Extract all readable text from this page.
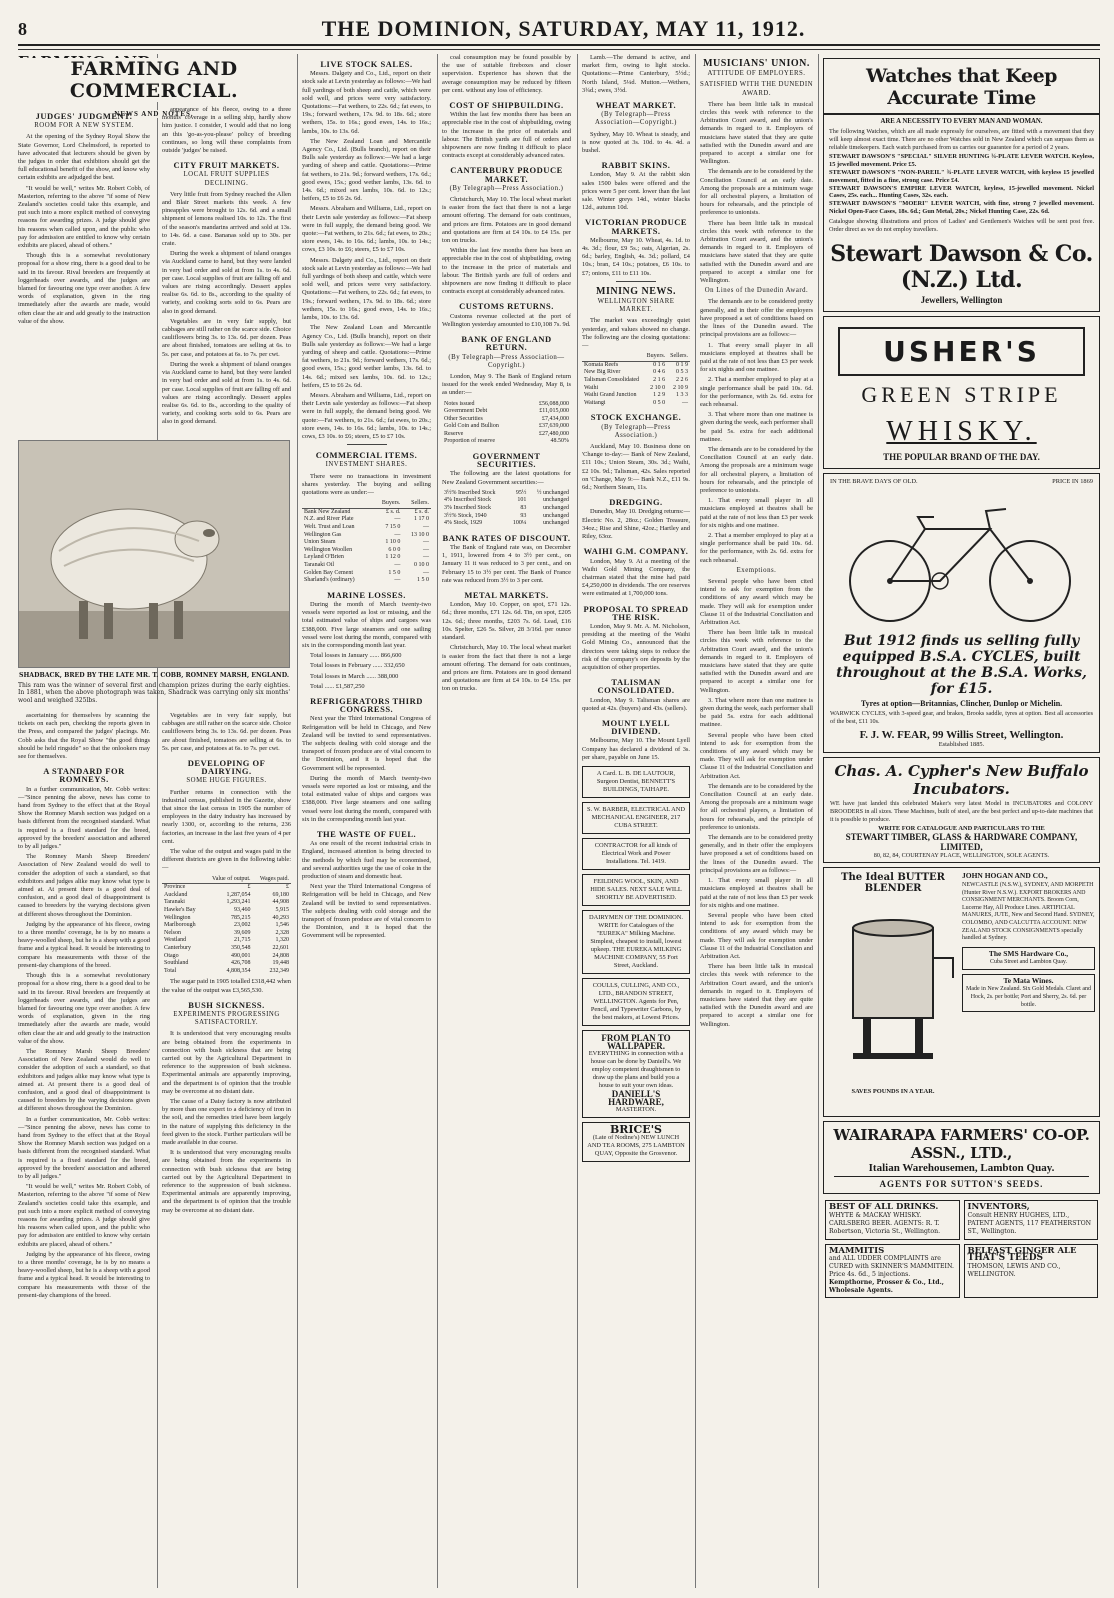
8	THE DOMINION, SATURDAY, MAY 11, 1912.
FARMING AND COMMERCIAL.
NEWS AND NOTES.
JUDGES' JUDGMENT.
ROOM FOR A NEW SYSTEM.

At the opening of the Sydney Royal Show the State Governor, Lord Chelmsford, is reported to have advocated that lecturers should be given by the judges in order that exhibitors should get the full educational benefit of the show, and know why certain exhibits are adjudged the best.

"It would be well," writes Mr. Robert Cobb, of Masterton, referring to the above "if some of New Zealand's societies could take this example, and put such into a more explicit method of conveying reasons for awarding prizes. A judge should give his reasons when called upon, and the public who pay for admission are entitled to know why certain exhibits are placed, ahead of others."

Though this is a somewhat revolutionary proposal for a show ring, there is a good deal to be said in its favour. Rival breeders are frequently at loggerheads over awards, and the judges are blamed for favouring one type over another. A few words of explanation, given in the ring immediately after the awards are made, would often clear the air and add greatly to the instruction value of the show.

SHADBACK, BRED BY THE LATE MR. T. COBB, ROMNEY MARSH, ENGLAND.
This ram was the winner of several first and champion prizes during the early eighties. In 1881, when the above photograph was taken, Shadrack was carrying only six months' wool and weighed 325lbs.

ascertaining for themselves by scanning the tickets on each pen, checking the reports given in the Press, and compared the judges' placings. Mr. Cobb asks that the Royal Show "the good things should be held ringside" so that the onlookers may see for themselves.

A STANDARD FOR ROMNEYS.

In a further communication, Mr. Cobb writes:—"Since penning the above, news has come to hand from Sydney to the effect that at the Royal Show the Romney Marsh section was judged on a basis different from the recognised standard. What is required is a fixed standard for the breed, approved by the breeders' association and adhered to by all judges."

The Romney Marsh Sheep Breeders' Association of New Zealand would do well to consider the adoption of such a standard, so that exhibitors and judges alike may know what type is aimed at. At present there is a good deal of confusion, and a good deal of disappointment is caused to breeders by the varying decisions given at different shows throughout the Dominion.

Judging by the appearance of his fleece, owing to a three months' coverage, he is by no means a heavy-woolled sheep, but he is a sheep with a good frame and a typical head. It would be interesting to compare his measurements with those of the present-day champions of the breed.

Though this is a somewhat revolutionary proposal for a show ring, there is a good deal to be said in its favour. Rival breeders are frequently at loggerheads over awards, and the judges are blamed for favouring one type over another. A few words of explanation, given in the ring immediately after the awards are made, would often clear the air and add greatly to the instruction value of the show.

The Romney Marsh Sheep Breeders' Association of New Zealand would do well to consider the adoption of such a standard, so that exhibitors and judges alike may know what type is aimed at. At present there is a good deal of confusion, and a good deal of disappointment is caused to breeders by the varying decisions given at different shows throughout the Dominion.

In a further communication, Mr. Cobb writes:—"Since penning the above, news has come to hand from Sydney to the effect that at the Royal Show the Romney Marsh section was judged on a basis different from the recognised standard. What is required is a fixed standard for the breed, approved by the breeders' association and adhered to by all judges."

"It would be well," writes Mr. Robert Cobb, of Masterton, referring to the above "if some of New Zealand's societies could take this example, and put such into a more explicit method of conveying reasons for awarding prizes. A judge should give his reasons when called upon, and the public who pay for admission are entitled to know why certain exhibits are placed, ahead of others."

Judging by the appearance of his fleece, owing to a three months' coverage, he is by no means a heavy-woolled sheep, but he is a sheep with a good frame and a typical head. It would be interesting to compare his measurements with those of the present-day champions of the breed.

appearance of his fleece, owing to a three months' coverage in a selling ship, hardly show him justice. I consider, I would add that no long an this 'go-as-you-please' policy of breeding continues, so long will these complaints from outside 'judges' be raised.

CITY FRUIT MARKETS.
LOCAL FRUIT SUPPLIES DECLINING.

Very little fruit from Sydney reached the Allen and Blair Street markets this week. A few pineapples were brought to 12s. 6d. and a small shipment of lemons realised 10s. to 12s. The first of the season's mandarins arrived and sold at 13s. to 14s. 6d. a case. Bananas sold up to 30s. per crate.

During the week a shipment of island oranges via Auckland came to hand, but they were landed in very bad order and sold at from 1s. to 4s. 6d. per case. Local supplies of fruit are falling off and values are rising accordingly. Dessert apples realise 6s. 6d. to 8s., according to the quality of variety, and cooking sorts sold to 6s. Pears are also in good demand.

Vegetables are in very fair supply, but cabbages are still rather on the scarce side. Choice cauliflowers bring 3s. to 13s. 6d. per dozen. Peas are about finished, tomatoes are selling at 6s. to 5s. per case, and potatoes at 6s. to 7s. per cwt.

During the week a shipment of island oranges via Auckland came to hand, but they were landed in very bad order and sold at from 1s. to 4s. 6d. per case. Local supplies of fruit are falling off and values are rising accordingly. Dessert apples realise 6s. 6d. to 8s., according to the quality of variety, and cooking sorts sold to 6s. Pears are also in good demand.

Vegetables are in very fair supply, but cabbages are still rather on the scarce side. Choice cauliflowers bring 3s. to 13s. 6d. per dozen. Peas are about finished, tomatoes are selling at 6s. to 5s. per case, and potatoes at 6s. to 7s. per cwt.

DEVELOPING OF DAIRYING.
SOME HUGE FIGURES.

Further returns in connection with the industrial census, published in the Gazette, show that since the last census in 1905 the number of employees in the dairy industry has increased by nearly 1300, or, according to the returns, 236 factories, an increase in the last five years of 4 per cent.

The value of the output and wages paid in the different districts are given in the following table:—

	Value of output.	Wages paid.
Province	£	£
Auckland	1,287,054	69,180
Taranaki	1,293,241	44,908
Hawke's Bay	93,460	5,915
Wellington	785,215	40,293
Marlborough	23,002	1,546
Nelson	39,609	2,328
Westland	21,715	1,320
Canterbury	350,548	22,601
Otago	490,001	24,808
Southland	426,708	19,448
Total	4,808,354	232,349

The sugar paid in 1905 totalled £318,442 when the value of the output was £3,565,530.

BUSH SICKNESS.
EXPERIMENTS PROGRESSING SATISFACTORILY.

It is understood that very encouraging results are being obtained from the experiments in connection with bush sickness that are being carried out by the Agricultural Department in reference to the suppression of bush sickness. Experimental animals are apparently improving, and the department is of opinion that the trouble may be overcome at no distant date.

The cause of a Daisy factory is now attributed by more than one expert to a deficiency of iron in the soil, and the remedies tried have been largely in the nature of supplying this deficiency in the feed given to the stock. Further particulars will be made available in due course.

It is understood that very encouraging results are being obtained from the experiments in connection with bush sickness that are being carried out by the Agricultural Department in reference to the suppression of bush sickness. Experimental animals are apparently improving, and the department is of opinion that the trouble may be overcome at no distant date.

LIVE STOCK SALES.

Messrs. Dalgety and Co., Ltd., report on their stock sale at Levin yesterday as follows:—We had full yardings of both sheep and cattle, which were sold well, and prices were very satisfactory. Quotations:—Fat wethers, to 22s. 6d.; fat ewes, to 19s.; forward wethers, 17s. 9d. to 18s. 6d.; store wethers, 15s. to 16s.; good ewes, 14s. to 16s.; lambs, 10s. to 13s. 6d.

The New Zealand Loan and Mercantile Agency Co., Ltd. (Bulls branch), report on their Bulls sale yesterday as follows:—We had a large yarding of sheep and cattle. Quotations:—Prime fat wethers, to 21s. 9d.; forward wethers, 17s. 6d.; good ewes, 15s.; good wether lambs, 13s. 6d. to 14s. 6d.; mixed sex lambs, 10s. 6d. to 12s.; heifers, £5 to £6 2s. 6d.

Messrs. Abraham and Williams, Ltd., report on their Levin sale yesterday as follows:—Fat sheep were in full supply, the demand being good. We quote:—Fat wethers, to 21s. 6d.; fat ewes, to 20s.; store ewes, 14s. to 16s. 6d.; lambs, 10s. to 14s.; cows, £3 10s. to £6; steers, £5 to £7 10s.

Messrs. Dalgety and Co., Ltd., report on their stock sale at Levin yesterday as follows:—We had full yardings of both sheep and cattle, which were sold well, and prices were very satisfactory. Quotations:—Fat wethers, to 22s. 6d.; fat ewes, to 19s.; forward wethers, 17s. 9d. to 18s. 6d.; store wethers, 15s. to 16s.; good ewes, 14s. to 16s.; lambs, 10s. to 13s. 6d.

The New Zealand Loan and Mercantile Agency Co., Ltd. (Bulls branch), report on their Bulls sale yesterday as follows:—We had a large yarding of sheep and cattle. Quotations:—Prime fat wethers, to 21s. 9d.; forward wethers, 17s. 6d.; good ewes, 15s.; good wether lambs, 13s. 6d. to 14s. 6d.; mixed sex lambs, 10s. 6d. to 12s.; heifers, £5 to £6 2s. 6d.

Messrs. Abraham and Williams, Ltd., report on their Levin sale yesterday as follows:—Fat sheep were in full supply, the demand being good. We quote:—Fat wethers, to 21s. 6d.; fat ewes, to 20s.; store ewes, 14s. to 16s. 6d.; lambs, 10s. to 14s.; cows, £3 10s. to £6; steers, £5 to £7 10s.

COMMERCIAL ITEMS.
INVESTMENT SHARES.

There were no transactions in investment shares yesterday. The buying and selling quotations were as under:—

	Buyers.	Sellers.
Bank New Zealand	£ s. d.	£ s. d.
N.Z. and River Plate	—	1 17 0
Welt. Trust and Loan	7 15 0	—
Wellington Gas	—	13 10 0
Union Steam	1 10 0	—
Wellington Woollen	6 0 0	—
Leyland O'Brien	1 12 0	—
Taranaki Oil	—	0 10 0
Golden Bay Cement	1 5 0	—
Sharland's (ordinary)	—	1 5 0
MARINE LOSSES.

During the month of March twenty-two vessels were reported as lost or missing, and the total estimated value of ships and cargoes was £388,000. Five large steamers and one sailing vessel were lost during the month, compared with six in the corresponding month last year.

Total losses in January ...... 866,600

Total losses in February ...... 332,650

Total losses in March ...... 388,000

Total ...... £1,587,250

REFRIGERATORS THIRD CONGRESS.

Next year the Third International Congress of Refrigeration will be held in Chicago, and New Zealand will be invited to send representatives. The subjects dealing with cold storage and the transport of frozen produce are of vital concern to the Dominion, and it is hoped that the Government will be represented.

During the month of March twenty-two vessels were reported as lost or missing, and the total estimated value of ships and cargoes was £388,000. Five large steamers and one sailing vessel were lost during the month, compared with six in the corresponding month last year.

THE WASTE OF FUEL.

As one result of the recent industrial crisis in England, increased attention is being directed to the methods by which fuel may be economised, and several authorities urge the use of coke in the production of steam and domestic heat.

Next year the Third International Congress of Refrigeration will be held in Chicago, and New Zealand will be invited to send representatives. The subjects dealing with cold storage and the transport of frozen produce are of vital concern to the Dominion, and it is hoped that the Government will be represented.

coal consumption may be found possible by the use of suitable fireboxes and closer supervision. Experience has shown that the average consumption may be reduced by fifteen per cent. without any loss of efficiency.

COST OF SHIPBUILDING.

Within the last few months there has been an appreciable rise in the cost of shipbuilding, owing to the increase in the price of materials and labour. The British yards are full of orders and shipowners are now finding it difficult to place contracts except at considerably advanced rates.

CANTERBURY PRODUCE MARKET.
(By Telegraph—Press Association.)

Christchurch, May 10. The local wheat market is easier from the fact that there is not a large amount offering. The demand for oats continues, and prices are firm. Potatoes are in good demand and quotations are firm at £4 10s. to £4 15s. per ton on trucks.

Within the last few months there has been an appreciable rise in the cost of shipbuilding, owing to the increase in the price of materials and labour. The British yards are full of orders and shipowners are now finding it difficult to place contracts except at considerably advanced rates.

CUSTOMS RETURNS.

Customs revenue collected at the port of Wellington yesterday amounted to £10,108 7s. 9d.

BANK OF ENGLAND RETURN.
(By Telegraph—Press Association—Copyright.)

London, May 9. The Bank of England return issued for the week ended Wednesday, May 8, is as under:—

Notes issued	£56,088,000
Government Debt	£11,015,000
Other Securities	£7,434,000
Gold Coin and Bullion	£37,639,000
Reserve	£27,480,000
Proportion of reserve	48.50%
GOVERNMENT SECURITIES.

The following are the latest quotations for New Zealand Government securities:—

3½% Inscribed Stock	95½	½ unchanged
4% Inscribed Stock	101	unchanged
3% Inscribed Stock	83	unchanged
3½% Stock, 1940	93	unchanged
4% Stock, 1929	100¼	unchanged
BANK RATES OF DISCOUNT.

The Bank of England rate was, on December 1, 1911, lowered from 4 to 3½ per cent., on January 11 it was reduced to 3 per cent., and on February 15 to 3½ per cent. The Bank of France rate was reduced from 3½ to 3 per cent.

METAL MARKETS.

London, May 10. Copper, on spot, £71 12s. 6d.; three months, £71 12s. 6d. Tin, on spot, £205 12s. 6d.; three months, £203 7s. 6d. Lead, £16 10s. Spelter, £26 5s. Silver, 28 3/16d. per ounce standard.

Christchurch, May 10. The local wheat market is easier from the fact that there is not a large amount offering. The demand for oats continues, and prices are firm. Potatoes are in good demand and quotations are firm at £4 10s. to £4 15s. per ton on trucks.

Lamb.—The demand is active, and market firm, owing to light stocks. Quotations:—Prime Canterbury, 5½d.; North Island, 5¼d. Mutton.—Wethers, 3¾d.; ewes, 3½d.

WHEAT MARKET.
(By Telegraph—Press Association—Copyright.)

Sydney, May 10. Wheat is steady, and is now quoted at 3s. 10d. to 4s. 4d. a bushel.

RABBIT SKINS.

London, May 9. At the rabbit skin sales 1500 bales were offered and the prices were 5 per cent. lower than the last sale. Winter greys 14d., winter blacks 12d., autumn 10d.

VICTORIAN PRODUCE MARKETS.

Melbourne, May 10. Wheat, 4s. 1d. to 4s. 3d.; flour, £9 5s.; oats, Algerian, 2s. 6d.; barley, English, 4s. 3d.; pollard, £4 10s.; bran, £4 10s.; potatoes, £6 10s. to £7; onions, £11 to £11 10s.

MINING NEWS.
WELLINGTON SHARE MARKET.

The market was exceedingly quiet yesterday, and values showed no change. The following are the closing quotations:—

	Buyers.	Sellers.
Komata Reefs	0 1 6	0 1 9
New Big River	0 4 6	0 5 3
Talisman Consolidated	2 1 6	2 2 6
Waihi	2 10 0	2 10 9
Waihi Grand Junction	1 2 9	1 3 3
Waitangi	0 5 0	—
STOCK EXCHANGE.
(By Telegraph—Press Association.)

Auckland, May 10. Business done on 'Change to-day:— Bank of New Zealand, £11 10s.; Union Steam, 30s. 3d.; Waihi, £2 10s. 9d.; Talisman, 42s. Sales reported on 'Change, May 9:— Bank N.Z., £11 9s. 6d.; Northern Steam, 11s.

DREDGING.

Dunedin, May 10. Dredging returns:—Electric No. 2, 28oz.; Golden Treasure, 34oz.; Rise and Shine, 42oz.; Hartley and Riley, 63oz.

WAIHI G.M. COMPANY.

London, May 9. At a meeting of the Waihi Gold Mining Company, the chairman stated that the mine had paid £4,250,000 in dividends. The ore reserves were estimated at 1,700,000 tons.

PROPOSAL TO SPREAD THE RISK.

London, May 9. Mr. A. M. Nicholson, presiding at the meeting of the Waihi Gold Mining Co., announced that the directors were taking steps to reduce the risk of the company's ore deposits by the acquisition of other properties.

TALISMAN CONSOLIDATED.

London, May 9. Talisman shares are quoted at 42s. (buyers) and 43s. (sellers).

MOUNT LYELL DIVIDEND.

Melbourne, May 10. The Mount Lyell Company has declared a dividend of 3s. per share, payable on June 15.

A Card. L. B. DE LAUTOUR, Surgeon Dentist, BENNETT'S BUILDINGS, TAIHAPE.
S. W. BARBER, ELECTRICAL AND MECHANICAL ENGINEER, 217 CUBA STREET.
CONTRACTOR for all kinds of Electrical Work and Power Installations. Tel. 1419.
FEILDING WOOL, SKIN, AND HIDE SALES. NEXT SALE WILL SHORTLY BE ADVERTISED.
DAIRYMEN OF THE DOMINION. WRITE for Catalogues of the "EUREKA" Milking Machine. Simplest, cheapest to install, lowest upkeep. THE EUREKA MILKING MACHINE COMPANY, 55 Fort Street, Auckland.
COULLS, CULLING, AND CO., LTD., BRANDON STREET, WELLINGTON. Agents for Pen, Pencil, and Typewriter Carbons, by the best makers, at Lowest Prices.
FROM PLAN TO WALLPAPER.
EVERYTHING in connection with a house can be done by Daniell's. We employ competent draughtsmen to draw up the plans and build you a house to suit your own ideas.
DANIELL'S HARDWARE,
MASTERTON.
BRICE'S
(Late of Nodine's) NEW LUNCH AND TEA ROOMS, 275 LAMBTON QUAY, Opposite the Grosvenor.
MUSICIANS' UNION.
ATTITUDE OF EMPLOYERS.
SATISFIED WITH THE DUNEDIN AWARD.

There has been little talk in musical circles this week with reference to the Arbitration Court award, and the union's demands in regard to it. Employers of musicians have stated that they are quite satisfied with the Dunedin award and are prepared to accept a similar one for Wellington.

The demands are to be considered by the Conciliation Council at an early date. Among the proposals are a minimum wage for all orchestral players, a limitation of hours for rehearsals, and the principle of preference to unionists.

There has been little talk in musical circles this week with reference to the Arbitration Court award, and the union's demands in regard to it. Employers of musicians have stated that they are quite satisfied with the Dunedin award and are prepared to accept a similar one for Wellington.

On Lines of the Dunedin Award.

The demands are to be considered pretty generally, and in their offer the employers have proposed a set of conditions based on the lines of the Dunedin award. The principal provisions are as follows:—

1. That every small player in all musicians employed at theatres shall be paid at the rate of not less than £3 per week for six nights and one matinee.

2. That a member employed to play at a single performance shall be paid 10s. 6d. for the performance, with 2s. 6d. extra for each rehearsal.

3. That where more than one matinee is given during the week, each performer shall be paid 5s. extra for each additional matinee.

The demands are to be considered by the Conciliation Council at an early date. Among the proposals are a minimum wage for all orchestral players, a limitation of hours for rehearsals, and the principle of preference to unionists.

1. That every small player in all musicians employed at theatres shall be paid at the rate of not less than £3 per week for six nights and one matinee.

2. That a member employed to play at a single performance shall be paid 10s. 6d. for the performance, with 2s. 6d. extra for each rehearsal.

Exemptions.

Several people who have been cited intend to ask for exemption from the conditions of any award which may be made. They will ask for exemption under Clause 11 of the Industrial Conciliation and Arbitration Act.

There has been little talk in musical circles this week with reference to the Arbitration Court award, and the union's demands in regard to it. Employers of musicians have stated that they are quite satisfied with the Dunedin award and are prepared to accept a similar one for Wellington.

3. That where more than one matinee is given during the week, each performer shall be paid 5s. extra for each additional matinee.

Several people who have been cited intend to ask for exemption from the conditions of any award which may be made. They will ask for exemption under Clause 11 of the Industrial Conciliation and Arbitration Act.

The demands are to be considered by the Conciliation Council at an early date. Among the proposals are a minimum wage for all orchestral players, a limitation of hours for rehearsals, and the principle of preference to unionists.

The demands are to be considered pretty generally, and in their offer the employers have proposed a set of conditions based on the lines of the Dunedin award. The principal provisions are as follows:—

1. That every small player in all musicians employed at theatres shall be paid at the rate of not less than £3 per week for six nights and one matinee.

Several people who have been cited intend to ask for exemption from the conditions of any award which may be made. They will ask for exemption under Clause 11 of the Industrial Conciliation and Arbitration Act.

There has been little talk in musical circles this week with reference to the Arbitration Court award, and the union's demands in regard to it. Employers of musicians have stated that they are quite satisfied with the Dunedin award and are prepared to accept a similar one for Wellington.

Watches that Keep Accurate Time
ARE A NECESSITY TO EVERY MAN AND WOMAN.
The following Watches, which are all made expressly for ourselves, are fitted with a movement that they will keep almost exact time. There are no other Watches sold in New Zealand which can surpass them as reliable timekeepers. Each watch purchased from us carries our guarantee for a period of 2 years.
STEWART DAWSON'S "SPECIAL" SILVER HUNTING ¾-PLATE LEVER WATCH. Keyless, 15 jewelled movement. Price £5.
STEWART DAWSON'S "NON-PAREIL" ¾-PLATE LEVER WATCH, with keyless 15 jewelled movement, fitted in a fine, strong case. Price £4.
STEWART DAWSON'S EMPIRE LEVER WATCH, keyless, 15-jewelled movement. Nickel Cases, 25s. each... Hunting Cases, 32s. each.
STEWART DAWSON'S "MOERI" LEVER WATCH, with fine, strong 7 jewelled movement. Nickel Open-Face Cases, 18s. 6d.; Gun Metal, 20s.; Nickel Hunting Case, 22s. 6d.
Catalogue showing illustrations and prices of Ladies' and Gentlemen's Watches will be sent post free. Order direct as we do not employ travellers.
Stewart Dawson & Co. (N.Z.) Ltd.
Jewellers, Wellington
USHER'S
GREEN STRIPE
WHISKY.
THE POPULAR BRAND OF THE DAY.
IN THE BRAVE DAYS OF OLD.	PRICE IN 1869
But 1912 finds us selling fully equipped B.S.A. CYCLES, built throughout at the B.S.A. Works, for £15.
Tyres at option—Britannias, Clincher, Dunlop or Michelin.
WARWICK CYCLES, with 3-speed gear, and brakes, Brooks saddle, tyres at option. Best all accessories of the best, £11 10s.
F. J. W. FEAR, 99 Willis Street, Wellington.
Established 1885.
Chas. A. Cypher's New Buffalo Incubators.
WE have just landed this celebrated Maker's very latest Model in INCUBATORS and COLONY BROODERS in all sizes. These Machines, built of steel, are the best perfect and up-to-date machines that it is possible to produce.
WRITE FOR CATALOGUE AND PARTICULARS TO THE
STEWART TIMBER, GLASS & HARDWARE COMPANY, LIMITED,
80, 82, 84, COURTENAY PLACE, WELLINGTON, SOLE AGENTS.
The Ideal BUTTER BLENDER
SAVES POUNDS IN A YEAR.
JOHN HOGAN AND CO.,
NEWCASTLE (N.S.W.), SYDNEY, AND MORPETH (Hunter River N.S.W.). EXPORT BROKERS AND CONSIGNMENT MERCHANTS. Broom Corn, Lucerne Hay, All Produce Lines. ARTIFICIAL MANURES, JUTE, New and Second Hand. SYDNEY, COLOMBO, AND CALCUTTA ACCOUNT. NEW ZEALAND STOCK CONSIGNMENTS specially handled at Sydney.
The SMS Hardware Co.,
Cuba Street and Lambton Quay.
Te Mata Wines.
Made in New Zealand. Six Gold Medals. Claret and Hock, 2s. per bottle; Port and Sherry, 2s. 6d. per bottle.
WAIRARAPA FARMERS' CO-OP. ASSN., LTD.,
Italian Warehousemen, Lambton Quay.
AGENTS FOR SUTTON'S SEEDS.
BEST OF ALL DRINKS.
WHYTE & MACKAY WHISKY. CARLSBERG BEER. AGENTS: R. T. Robertson, Victoria St., Wellington.
INVENTORS,
Consult HENRY HUGHES, LTD., PATENT AGENTS, 117 FEATHERSTON ST., Wellington.
MAMMITIS
and ALL UDDER COMPLAINTS are CURED with SKINNER'S MAMMITEIN. Price 4s. 6d., 5 injections.
Kempthorne, Prosser & Co., Ltd., Wholesale Agents.
BELFAST GINGER ALE
THAT'S TEEDS
THOMSON, LEWIS AND CO., WELLINGTON.
